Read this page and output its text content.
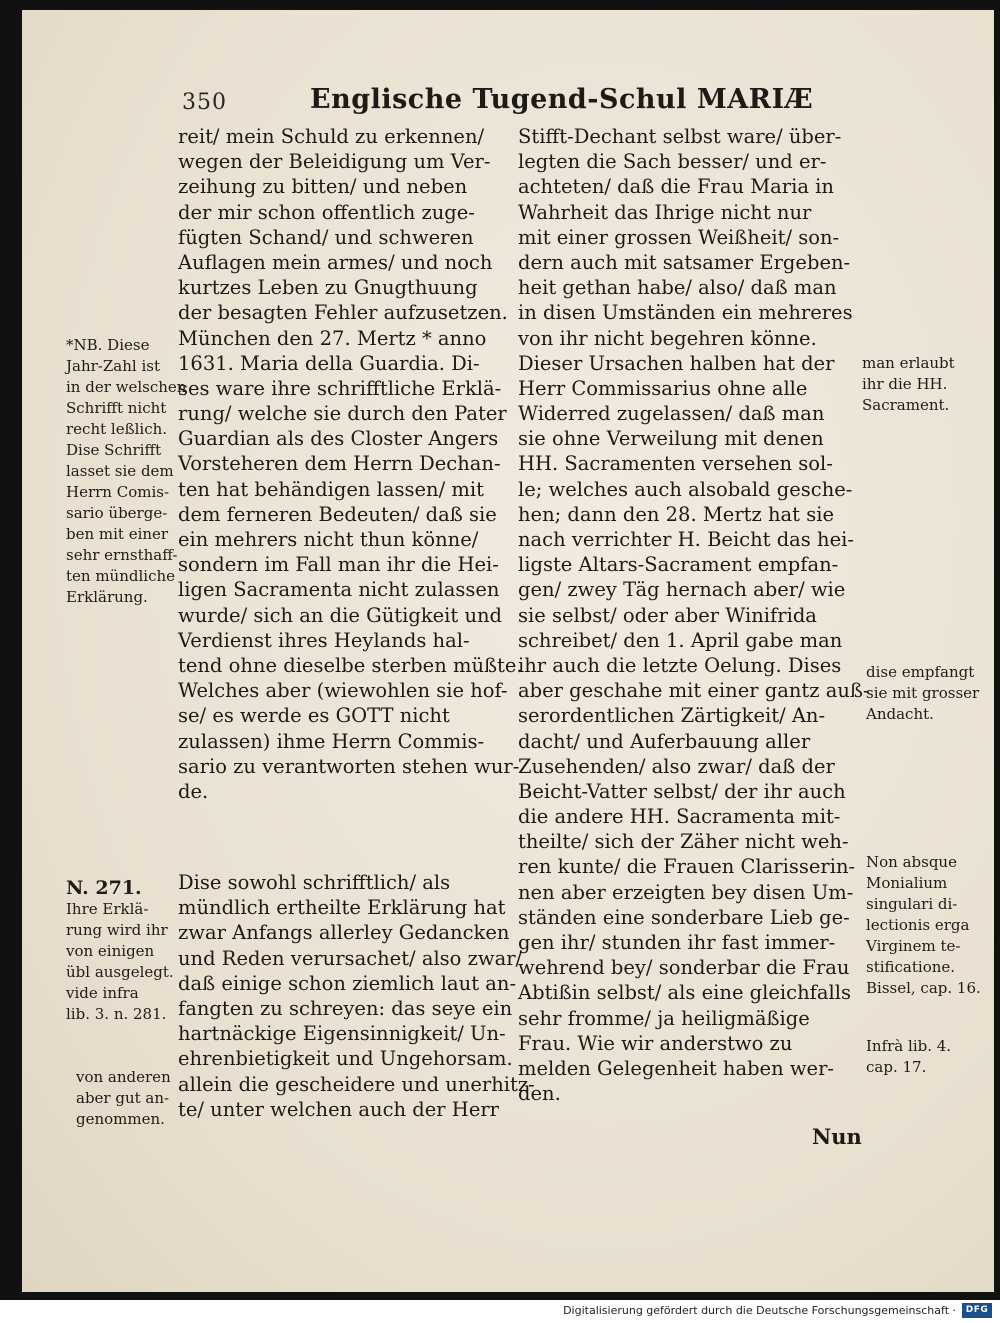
350	Englische Tugend-Schul MARIÆ
reit/ mein Schuld zu erkennen/
wegen der Beleidigung um Ver-
zeihung zu bitten/ und neben
der mir schon offentlich zuge-
fügten Schand/ und schweren
Auflagen mein armes/ und noch
kurtzes Leben zu Gnugthuung
der besagten Fehler aufzusetzen.
München den 27. Mertz * anno
1631. Maria della Guardia. Di-
ses ware ihre schrifftliche Erklä-
rung/ welche sie durch den Pater
Guardian als des Closter Angers
Vorsteheren dem Herrn Dechan-
ten hat behändigen lassen/ mit
dem ferneren Bedeuten/ daß sie
ein mehrers nicht thun könne/
sondern im Fall man ihr die Hei-
ligen Sacramenta nicht zulassen
wurde/ sich an die Gütigkeit und
Verdienst ihres Heylands hal-
tend ohne dieselbe sterben müßte.
Welches aber (wiewohlen sie hof-
se/ es werde es GOTT nicht
zulassen) ihme Herrn Commis-
sario zu verantworten stehen wur-
de.
Dise sowohl schrifftlich/ als
mündlich ertheilte Erklärung hat
zwar Anfangs allerley Gedancken
und Reden verursachet/ also zwar/
daß einige schon ziemlich laut an-
fangten zu schreyen: das seye ein
hartnäckige Eigensinnigkeit/ Un-
ehrenbietigkeit und Ungehorsam.
allein die gescheidere und unerhitz-
te/ unter welchen auch der Herr
Stifft-Dechant selbst ware/ über-
legten die Sach besser/ und er-
achteten/ daß die Frau Maria in
Wahrheit das Ihrige nicht nur
mit einer grossen Weißheit/ son-
dern auch mit satsamer Ergeben-
heit gethan habe/ also/ daß man
in disen Umständen ein mehreres
von ihr nicht begehren könne.
Dieser Ursachen halben hat der
Herr Commissarius ohne alle
Widerred zugelassen/ daß man
sie ohne Verweilung mit denen
HH. Sacramenten versehen sol-
le; welches auch alsobald gesche-
hen; dann den 28. Mertz hat sie
nach verrichter H. Beicht das hei-
ligste Altars-Sacrament empfan-
gen/ zwey Täg hernach aber/ wie
sie selbst/ oder aber Winifrida
schreibet/ den 1. April gabe man
ihr auch die letzte Oelung. Dises
aber geschahe mit einer gantz auß-
serordentlichen Zärtigkeit/ An-
dacht/ und Auferbauung aller
Zusehenden/ also zwar/ daß der
Beicht-Vatter selbst/ der ihr auch
die andere HH. Sacramenta mit-
theilte/ sich der Zäher nicht weh-
ren kunte/ die Frauen Clarisserin-
nen aber erzeigten bey disen Um-
ständen eine sonderbare Lieb ge-
gen ihr/ stunden ihr fast immer-
wehrend bey/ sonderbar die Frau
Abtißin selbst/ als eine gleichfalls
sehr fromme/ ja heiligmäßige
Frau. Wie wir anderstwo zu
melden Gelegenheit haben wer-
den.
*NB. Diese
Jahr-Zahl ist
in der welschen
Schrifft nicht
recht leßlich.
Dise Schrifft
lasset sie dem
Herrn Comis-
sario überge-
ben mit einer
sehr ernsthaff-
ten mündliche
Erklärung.
N. 271.
Ihre Erklä-
rung wird ihr
von einigen
übl ausgelegt.
vide infra
lib. 3. n. 281.
von anderen
aber gut an-
genommen.
man erlaubt
ihr die HH.
Sacrament.
dise empfangt
sie mit grosser
Andacht.
Non absque
Monialium
singulari di-
lectionis erga
Virginem te-
stificatione.
Bissel, cap. 16.
Infrà lib. 4.
cap. 17.
Nun
Digitalisierung gefördert durch die Deutsche Forschungsgemeinschaft ·	DFG
